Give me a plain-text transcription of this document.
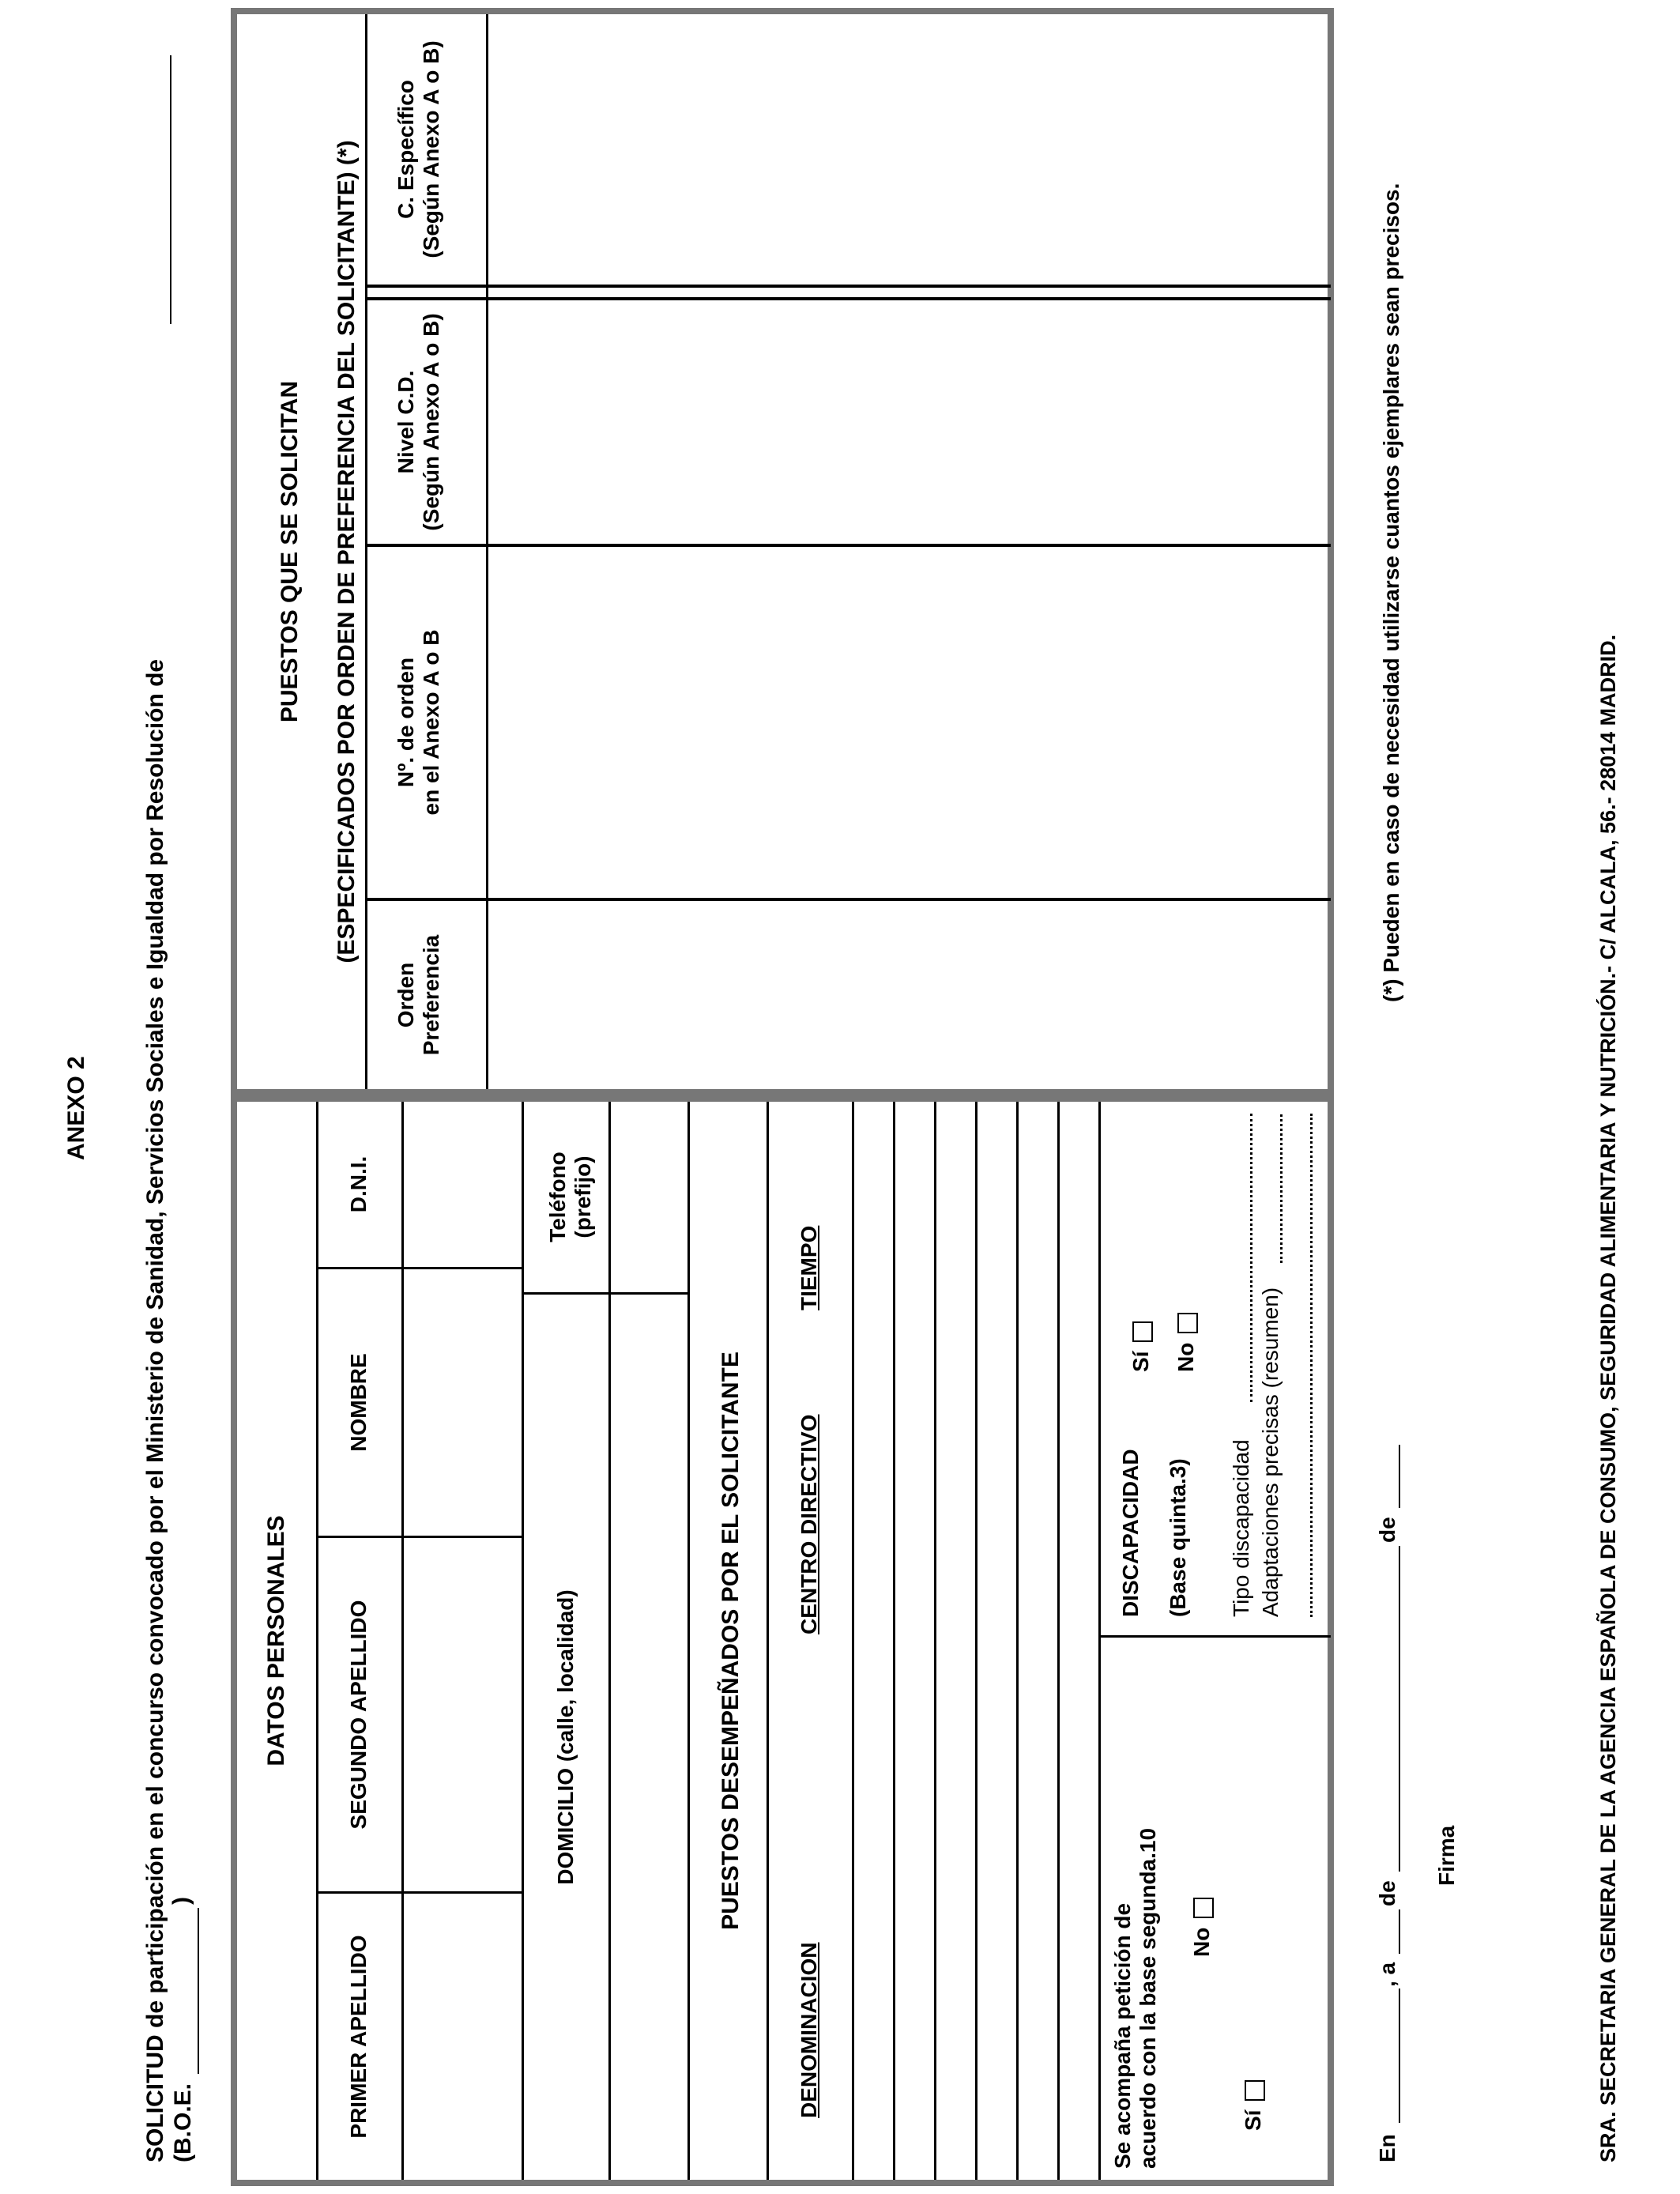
ANEXO 2
SOLICITUD de participación en el concurso convocado por el Ministerio de Sanidad, Servicios Sociales e Igualdad por Resolución de
(B.O.E.
)
DATOS PERSONALES
PRIMER APELLIDO
SEGUNDO APELLIDO
NOMBRE
D.N.I.
DOMICILIO (calle, localidad)
Teléfono (prefijo)
PUESTOS DESEMPEÑADOS POR EL SOLICITANTE
DENOMINACION
CENTRO DIRECTIVO
TIEMPO
Se acompaña petición de acuerdo con la base segunda.10	Sí
No
DISCAPACIDAD (Base quinta.3)
Sí No
Tipo discapacidad Adaptaciones precisas (resumen)
PUESTOS QUE SE SOLICITAN (ESPECIFICADOS POR ORDEN DE PREFERENCIA DEL SOLICITANTE) (*)
Orden Preferencia
Nº. de orden en el Anexo A o B
Nivel C.D. (Según Anexo A o B)
C. Específico (Según Anexo A o B)
En
, a
de
de
Firma
(*) Pueden en caso de necesidad utilizarse cuantos ejemplares sean precisos.
SRA. SECRETARIA GENERAL DE LA AGENCIA ESPAÑOLA DE CONSUMO, SEGURIDAD ALIMENTARIA Y NUTRICIÓN.- C/ ALCALA, 56.- 28014 MADRID.
